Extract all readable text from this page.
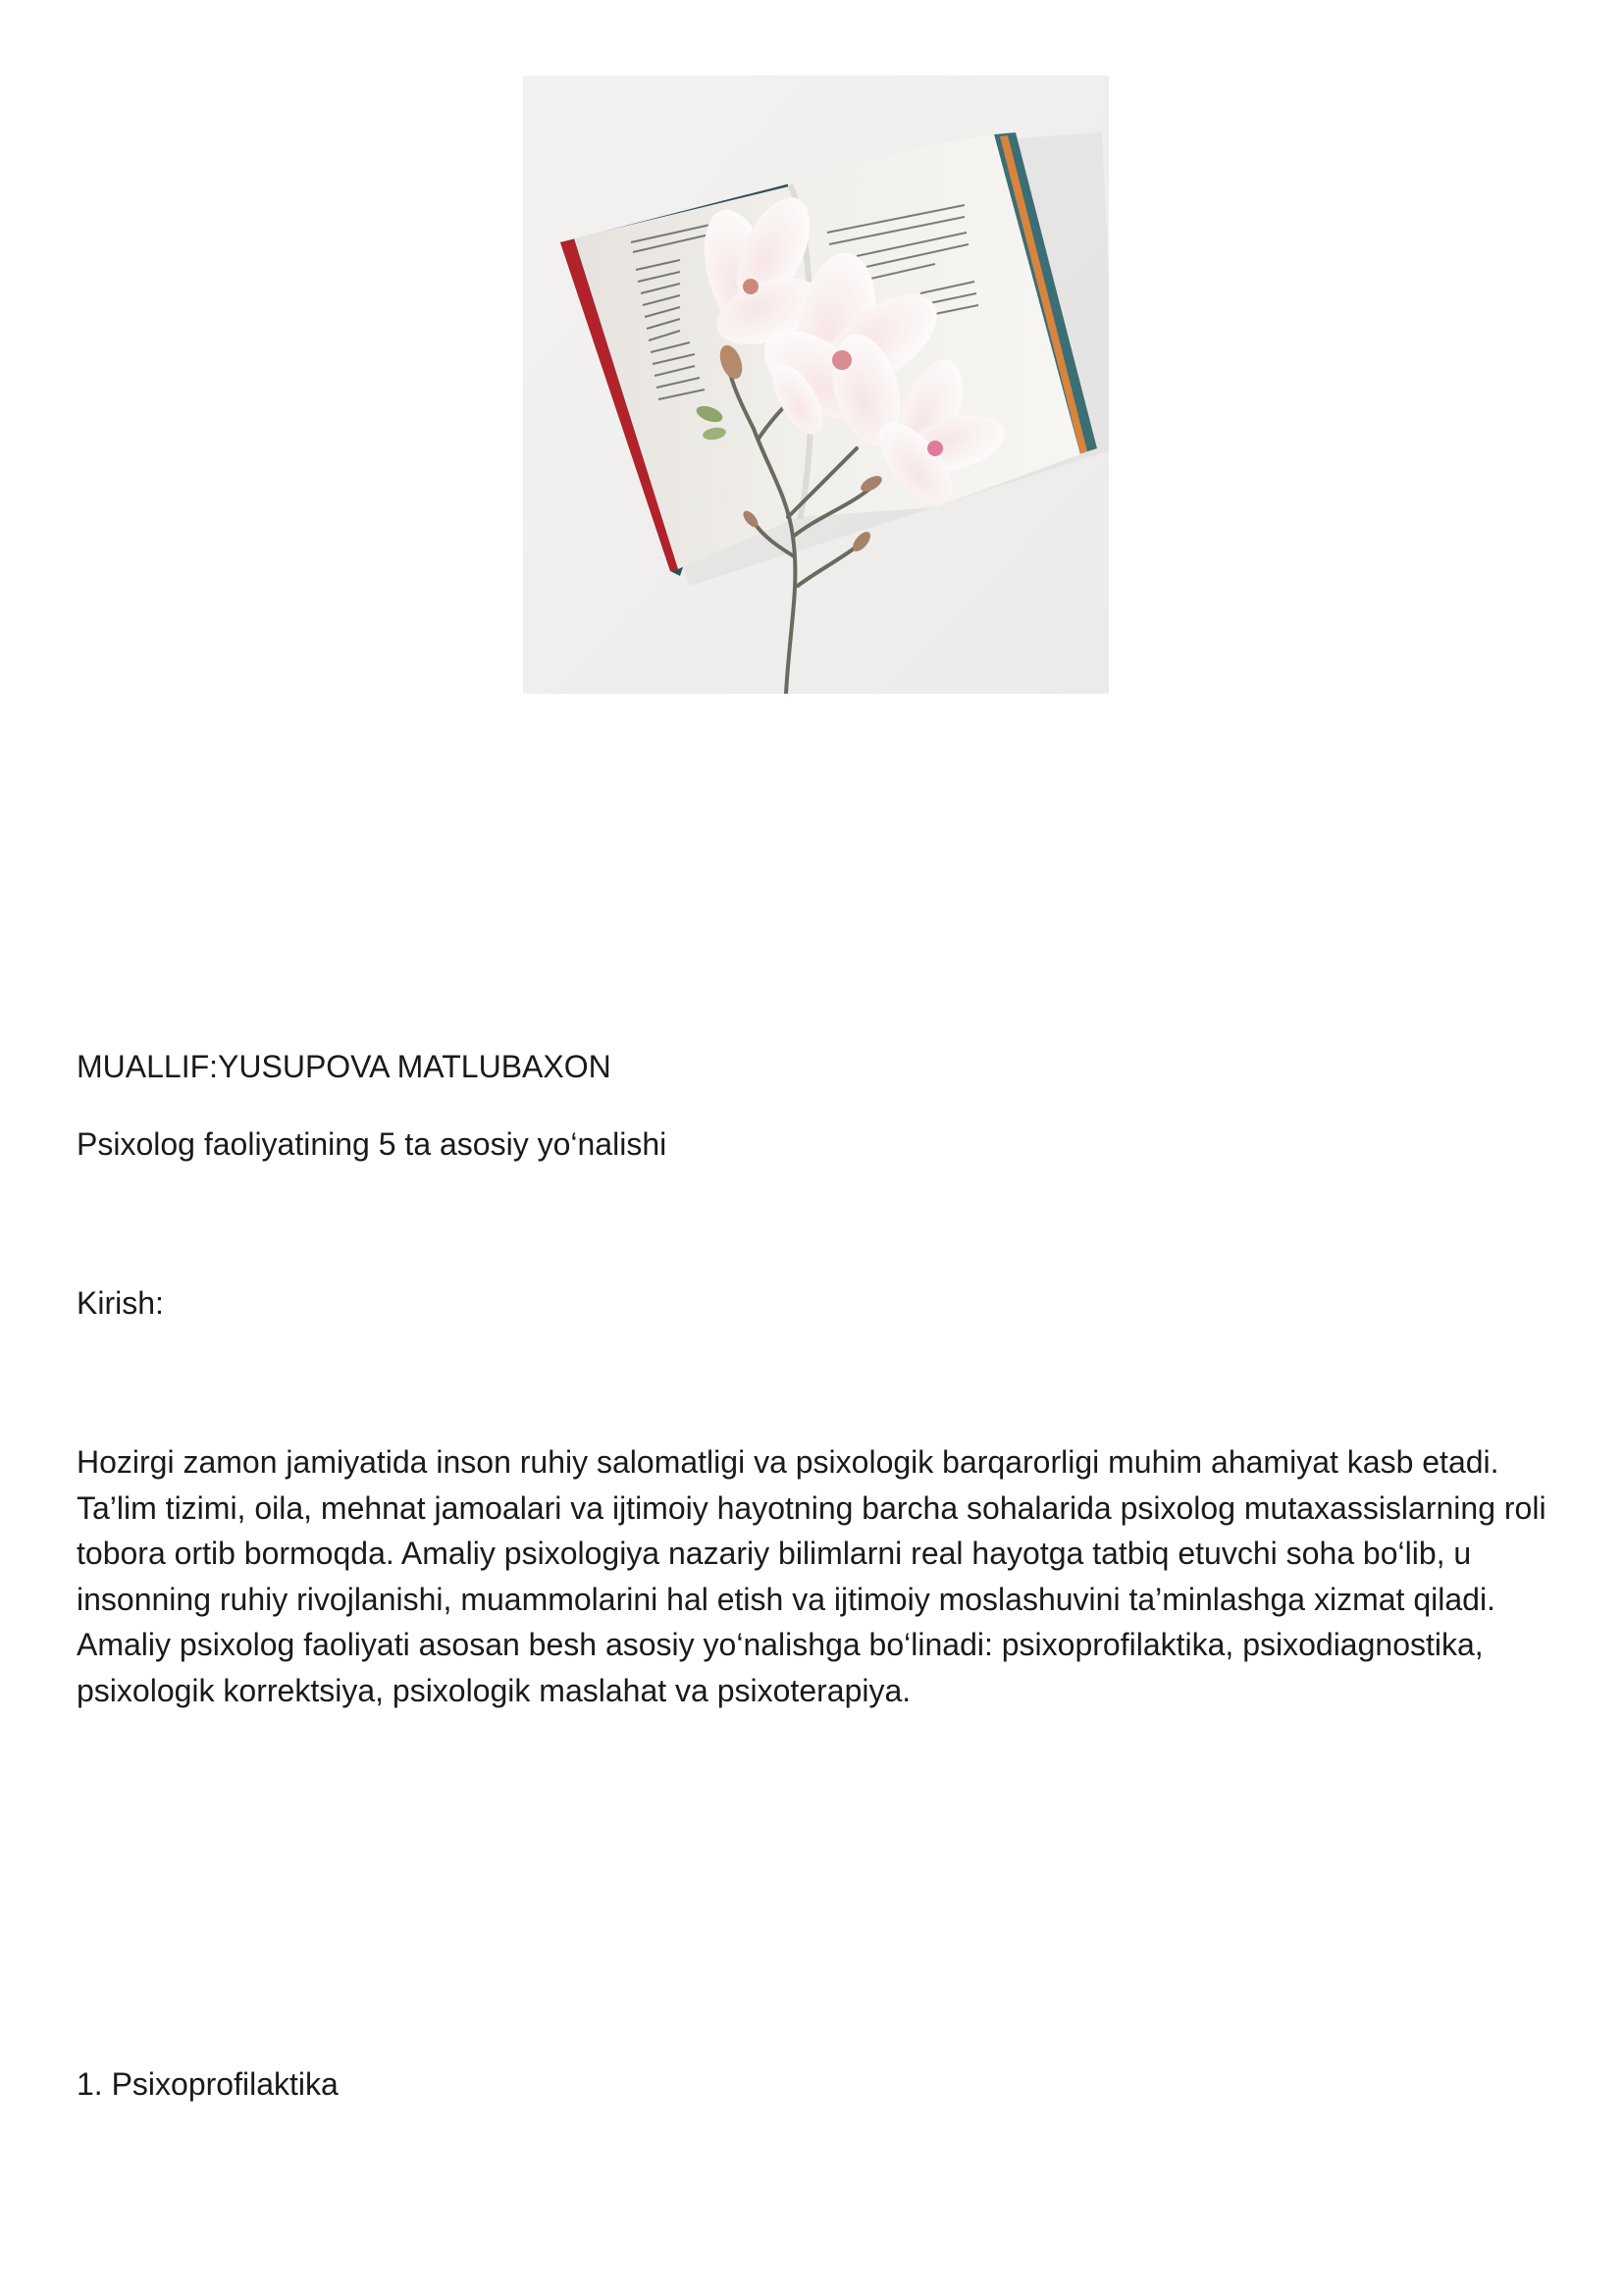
MUALLIF:YUSUPOVA MATLUBAXON

Psixolog faoliyatining 5 ta asosiy yo‘nalishi

Kirish:

Hozirgi zamon jamiyatida inson ruhiy salomatligi va psixologik barqarorligi muhim ahamiyat kasb etadi. Ta’lim tizimi, oila, mehnat jamoalari va ijtimoiy hayotning barcha sohalarida psixolog mutaxassislarning roli tobora ortib bormoqda. Amaliy psixologiya nazariy bilimlarni real hayotga tatbiq etuvchi soha bo‘lib, u insonning ruhiy rivojlanishi, muammolarini hal etish va ijtimoiy moslashuvini ta’minlashga xizmat qiladi. Amaliy psixolog faoliyati asosan besh asosiy yo‘nalishga bo‘linadi: psixoprofilaktika, psixodiagnostika, psixologik korrektsiya, psixologik maslahat va psixoterapiya.

1. Psixoprofilaktika
